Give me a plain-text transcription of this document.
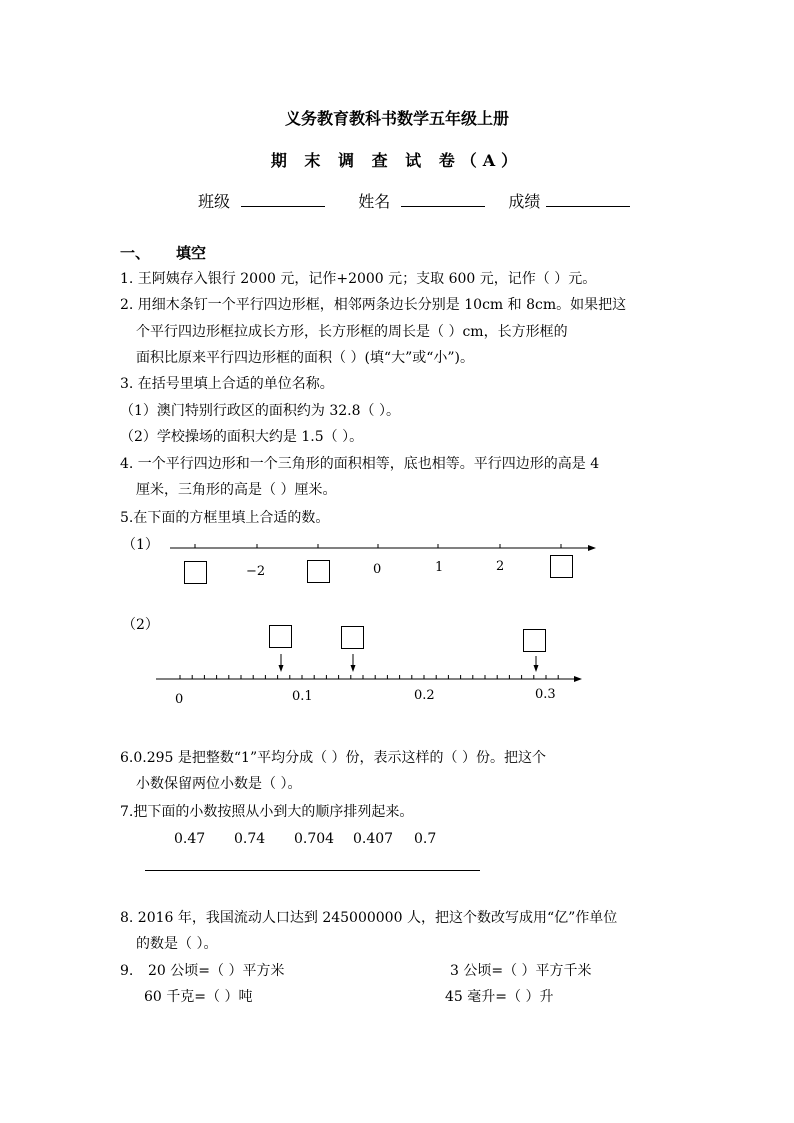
义务教育教科书数学五年级上册
期 末 调 查 试 卷（A）
班级	姓名	成绩
一、 填空
1. 王阿姨存入银行 2000 元，记作+2000 元；支取 600 元，记作（ ）元。
2. 用细木条钉一个平行四边形框，相邻两条边长分别是 10cm 和 8cm。如果把这
个平行四边形框拉成长方形，长方形框的周长是（ ）cm，长方形框的
面积比原来平行四边形框的面积（ ）(填“大”或“小”)。
3. 在括号里填上合适的单位名称。
（1）澳门特别行政区的面积约为 32.8（ ）。
（2）学校操场的面积大约是 1.5（ ）。
4. 一个平行四边形和一个三角形的面积相等，底也相等。平行四边形的高是 4
厘米，三角形的高是（ ）厘米。
5.在下面的方框里填上合适的数。
（1）
−2	0	1	2
（2）
0	0.1	0.2	0.3
6.0.295 是把整数“1”平均分成（ ）份，表示这样的（ ）份。把这个
小数保留两位小数是（ ）。
7.把下面的小数按照从小到大的顺序排列起来。
0.47 0.74 0.704 0.407 0.7
8. 2016 年，我国流动人口达到 245000000 人，把这个数改写成用“亿”作单位
的数是（ ）。
9. 20 公顷=（ ）平方米	3 公顷=（ ）平方千米
60 千克=（ ）吨	45 毫升=（ ）升
